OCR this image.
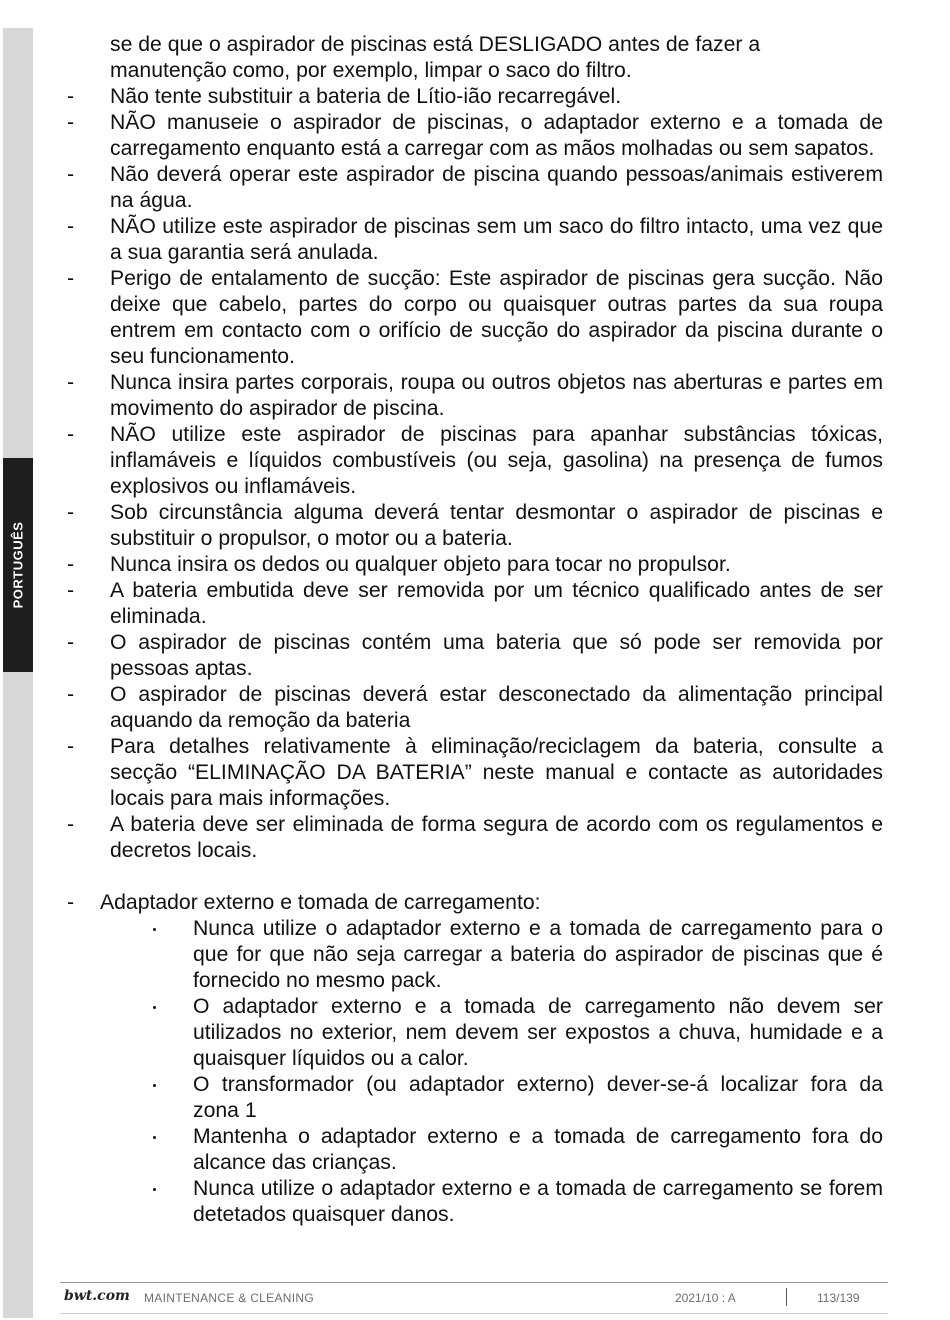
PORTUGUÊS
se de que o aspirador de piscinas está DESLIGADO antes de fazer a
manutenção como, por exemplo, limpar o saco do filtro.
- Não tente substituir a bateria de Lítio-ião recarregável.
- NÃO manuseie o aspirador de piscinas, o adaptador externo e a tomada de carregamento enquanto está a carregar com as mãos molhadas ou sem sapatos.
- Não deverá operar este aspirador de piscina quando pessoas/animais estiverem na água.
- NÃO utilize este aspirador de piscinas sem um saco do filtro intacto, uma vez que a sua garantia será anulada.
- Perigo de entalamento de sucção: Este aspirador de piscinas gera sucção. Não deixe que cabelo, partes do corpo ou quaisquer outras partes da sua roupa entrem em contacto com o orifício de sucção do aspirador da piscina durante o seu funcionamento.
- Nunca insira partes corporais, roupa ou outros objetos nas aberturas e partes em movimento do aspirador de piscina.
- NÃO utilize este aspirador de piscinas para apanhar substâncias tóxicas, inflamáveis e líquidos combustíveis (ou seja, gasolina) na presença de fumos explosivos ou inflamáveis.
- Sob circunstância alguma deverá tentar desmontar o aspirador de piscinas e substituir o propulsor, o motor ou a bateria.
- Nunca insira os dedos ou qualquer objeto para tocar no propulsor.
- A bateria embutida deve ser removida por um técnico qualificado antes de ser eliminada.
- O aspirador de piscinas contém uma bateria que só pode ser removida por pessoas aptas.
- O aspirador de piscinas deverá estar desconectado da alimentação principal aquando da remoção da bateria
- Para detalhes relativamente à eliminação/reciclagem da bateria, consulte a secção “ELIMINAÇÃO DA BATERIA” neste manual e contacte as autoridades locais para mais informações.
- A bateria deve ser eliminada de forma segura de acordo com os regulamentos e decretos locais.
- Adaptador externo e tomada de carregamento:
Nunca utilize o adaptador externo e a tomada de carregamento para o que for que não seja carregar a bateria do aspirador de piscinas que é fornecido no mesmo pack.
O adaptador externo e a tomada de carregamento não devem ser utilizados no exterior, nem devem ser expostos a chuva, humidade e a quaisquer líquidos ou a calor.
O transformador (ou adaptador externo) dever-se-á localizar fora da zona 1
Mantenha o adaptador externo e a tomada de carregamento fora do alcance das crianças.
Nunca utilize o adaptador externo e a tomada de carregamento se forem detetados quaisquer danos.
bwt.com MAINTENANCE & CLEANING	2021/10 : A	113/139
